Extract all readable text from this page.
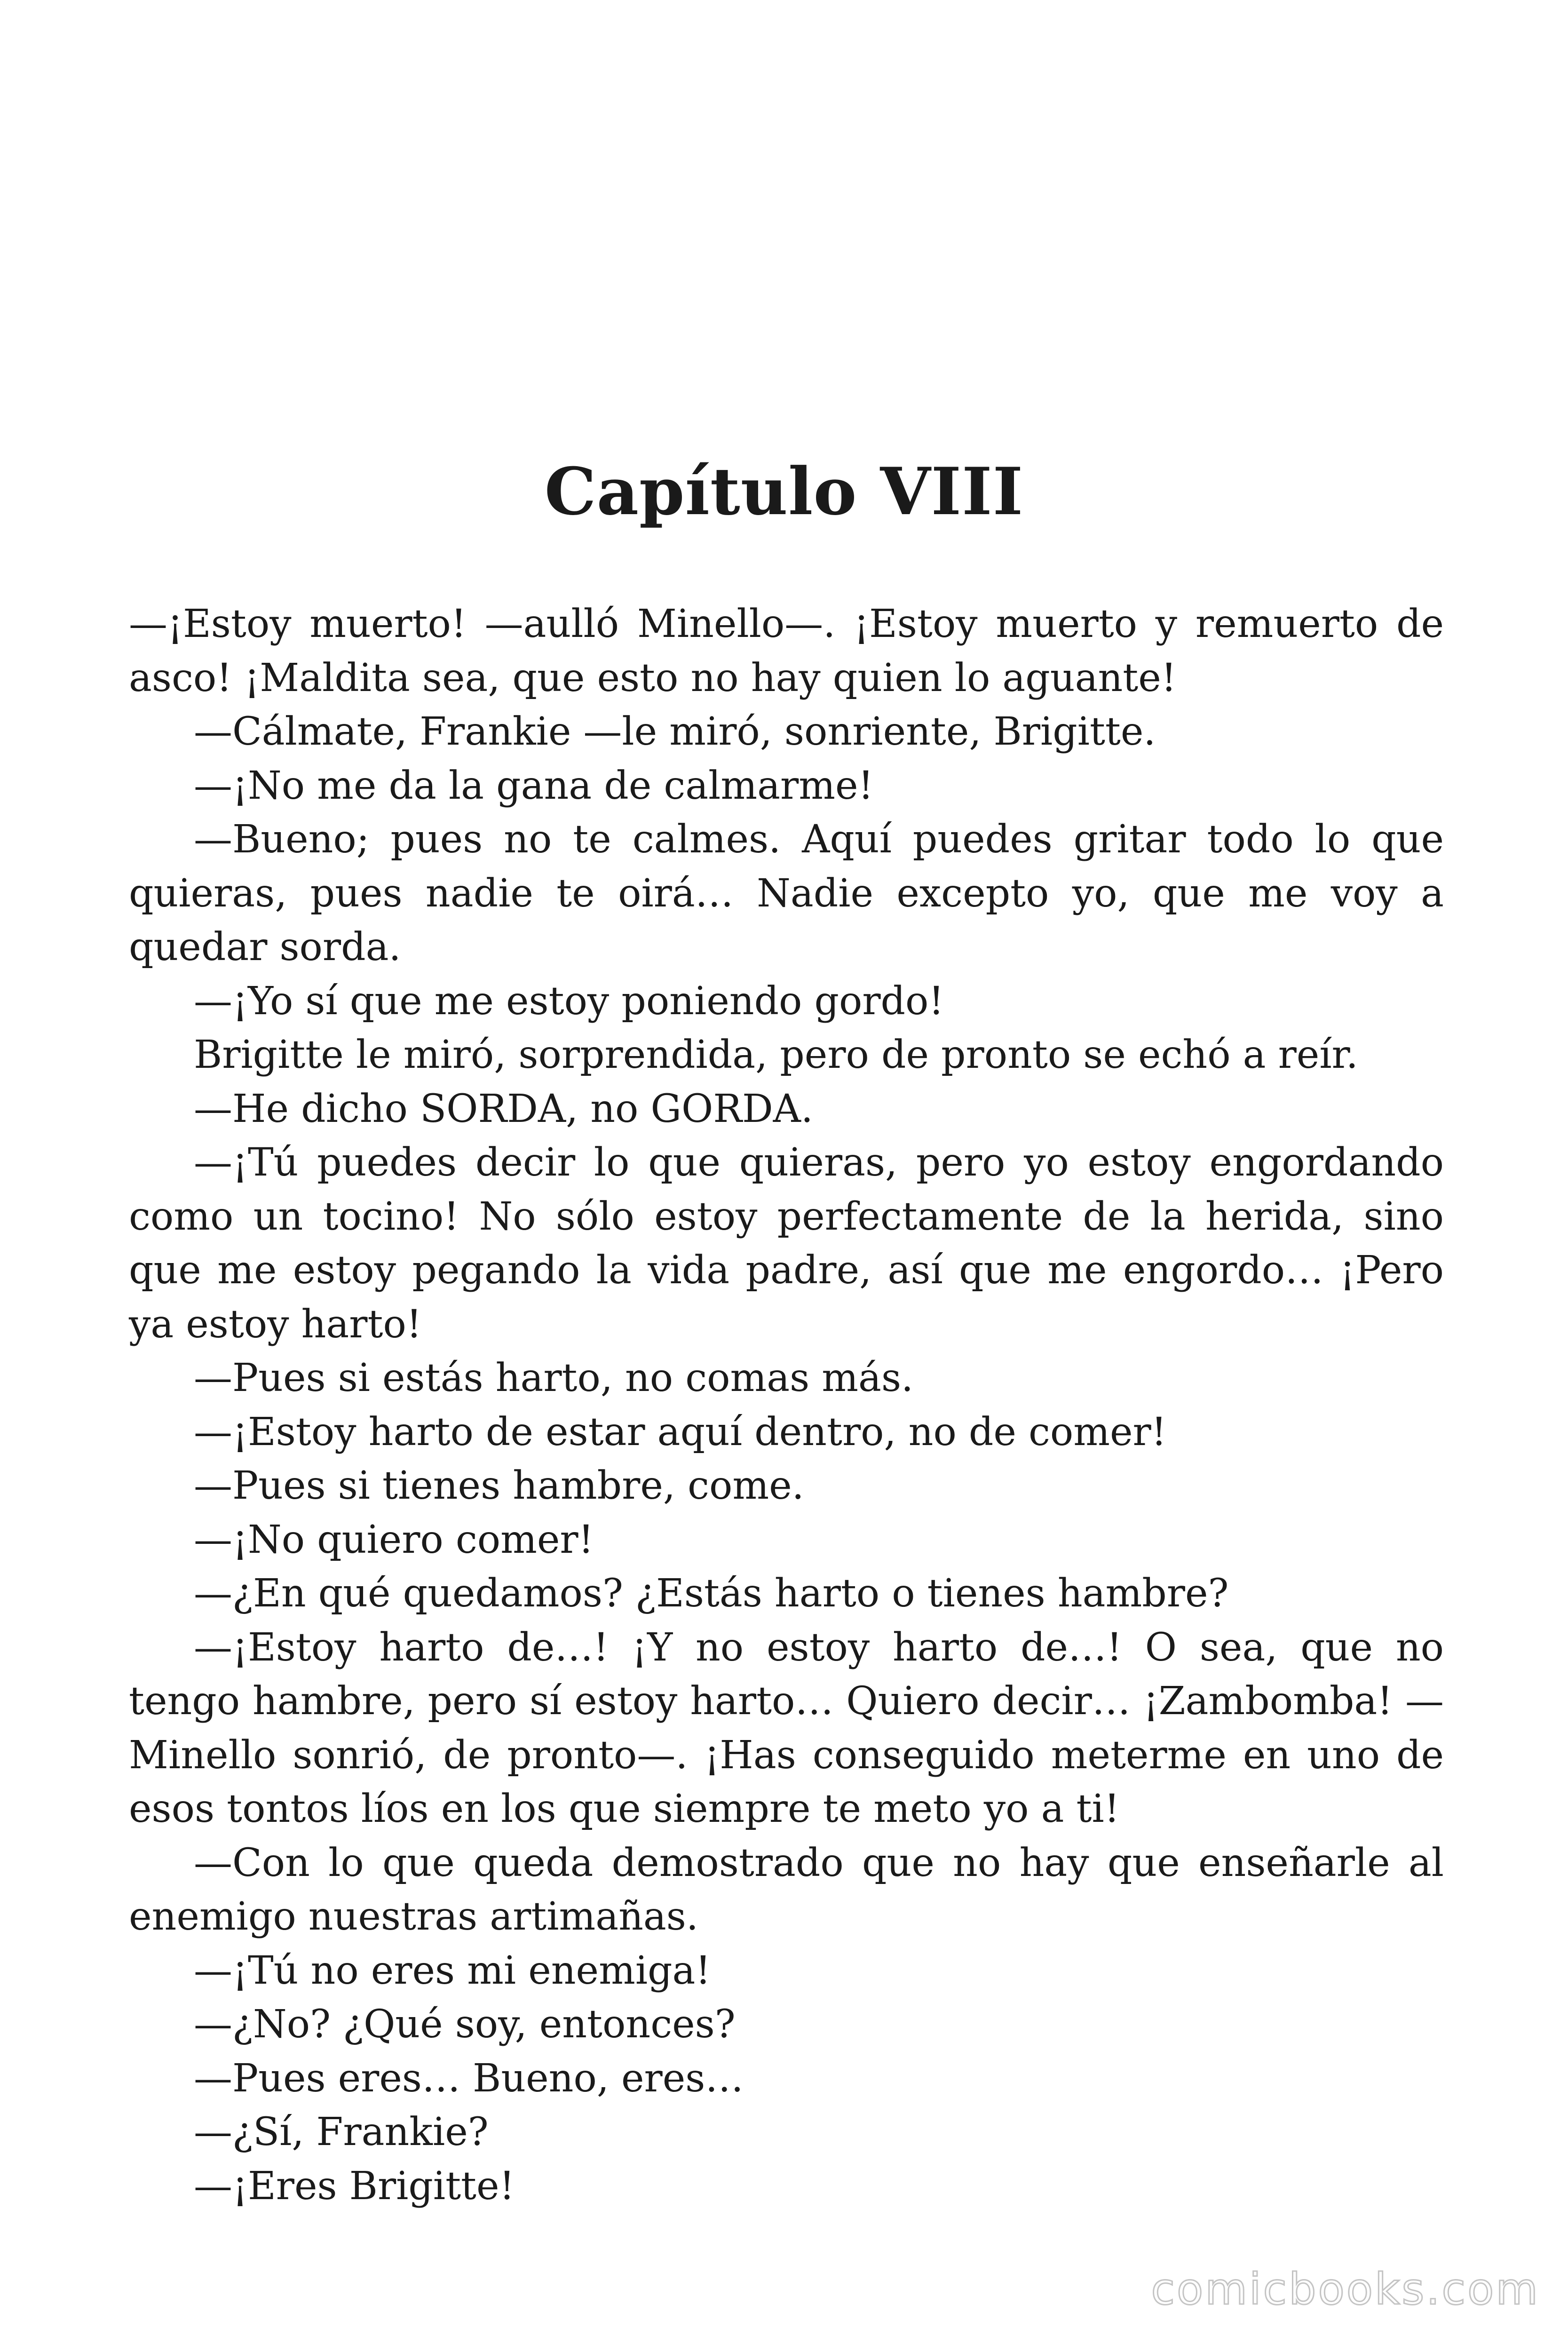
Capítulo VIII

—¡Estoy muerto! —aulló Minello—. ¡Estoy muerto y remuerto de asco! ¡Maldita sea, que esto no hay quien lo aguante!

—Cálmate, Frankie —le miró, sonriente, Brigitte.

—¡No me da la gana de calmarme!

—Bueno; pues no te calmes. Aquí puedes gritar todo lo que quieras, pues nadie te oirá… Nadie excepto yo, que me voy a quedar sorda.

—¡Yo sí que me estoy poniendo gordo!

Brigitte le miró, sorprendida, pero de pronto se echó a reír.

—He dicho SORDA, no GORDA.

—¡Tú puedes decir lo que quieras, pero yo estoy engordando como un tocino! No sólo estoy perfectamente de la herida, sino que me estoy pegando la vida padre, así que me engordo… ¡Pero ya estoy harto!

—Pues si estás harto, no comas más.

—¡Estoy harto de estar aquí dentro, no de comer!

—Pues si tienes hambre, come.

—¡No quiero comer!

—¿En qué quedamos? ¿Estás harto o tienes hambre?

—¡Estoy harto de…! ¡Y no estoy harto de…! O sea, que no tengo hambre, pero sí estoy harto… Quiero decir… ¡Zambomba! —Minello sonrió, de pronto—. ¡Has conseguido meterme en uno de esos tontos líos en los que siempre te meto yo a ti!

—Con lo que queda demostrado que no hay que enseñarle al enemigo nuestras artimañas.

—¡Tú no eres mi enemiga!

—¿No? ¿Qué soy, entonces?

—Pues eres… Bueno, eres…

—¿Sí, Frankie?

—¡Eres Brigitte!

comicbooks.com
